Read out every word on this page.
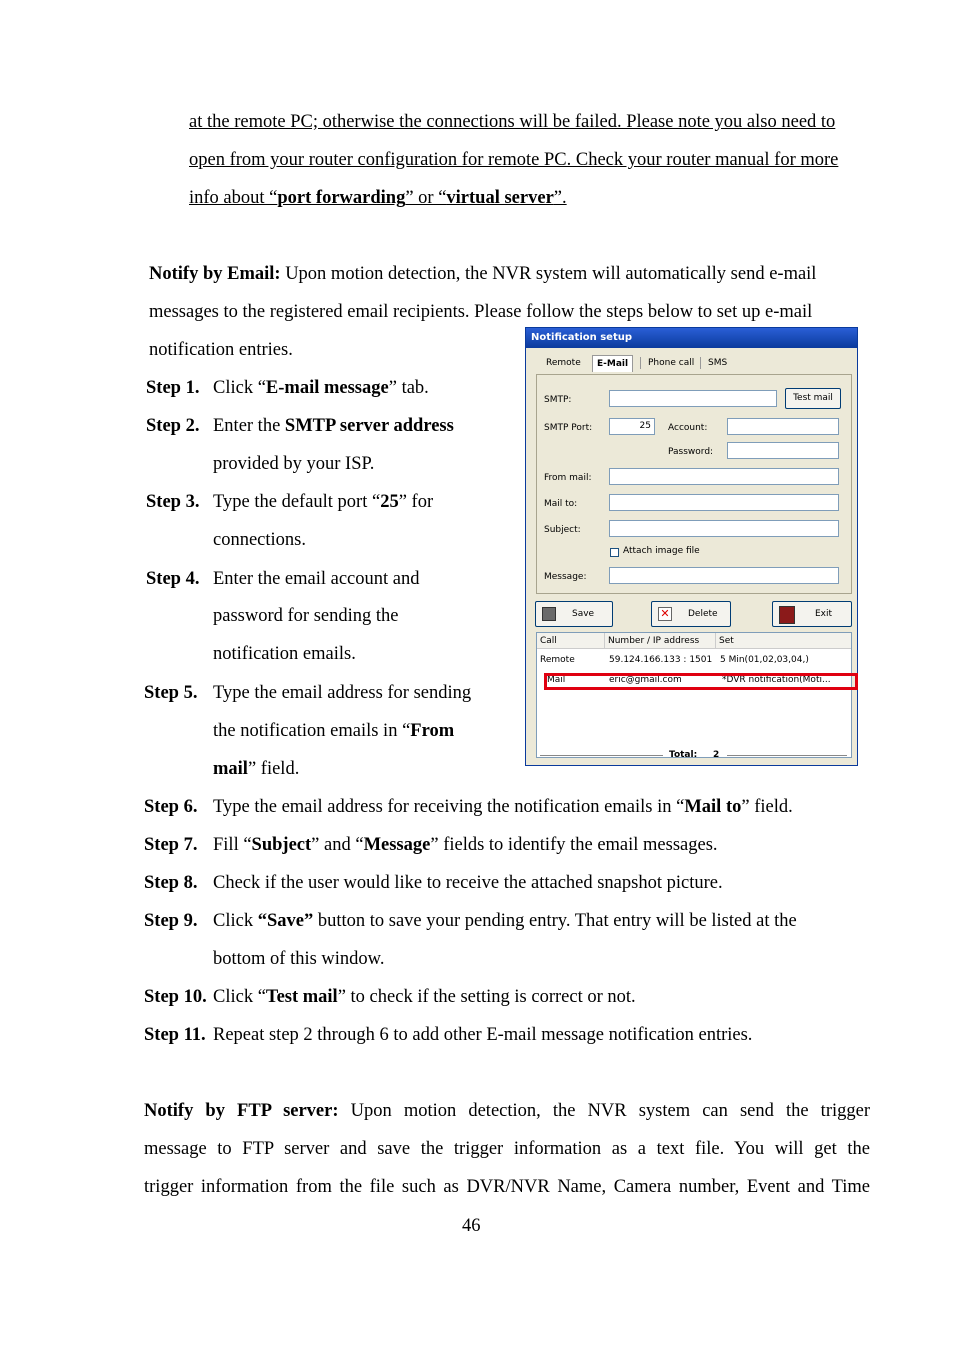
at the remote PC; otherwise the connections will be failed. Please note you also need to
open from your router configuration for remote PC. Check your router manual for more
info about “port forwarding” or “virtual server”.
Notify by Email: Upon motion detection, the NVR system will automatically send e-mail
messages to the registered email recipients. Please follow the steps below to set up e-mail
notification entries.
Step 1. Click “E-mail message” tab.
Step 2. Enter the SMTP server address
provided by your ISP.
Step 3. Type the default port “25” for
connections.
Step 4. Enter the email account and
password for sending the
notification emails.
Step 5. Type the email address for sending
the notification emails in “From
mail” field.
Step 6. Type the email address for receiving the notification emails in “Mail to” field.
Step 7. Fill “Subject” and “Message” fields to identify the email messages.
Step 8. Check if the user would like to receive the attached snapshot picture.
Step 9. Click “Save” button to save your pending entry. That entry will be listed at the
bottom of this window.
Step 10. Click “Test mail” to check if the setting is correct or not.
Step 11. Repeat step 2 through 6 to add other E-mail message notification entries.
Notify by FTP server: Upon motion detection, the NVR system can send the trigger
message to FTP server and save the trigger information as a text file. You will get the
trigger information from the file such as DVR/NVR Name, Camera number, Event and Time
46
Notification setup
Remote	E-Mail	Phone call	SMS
SMTP:	Test mail
SMTP Port:	25	Account:
Password:
From mail:
Mail to:
Subject:
Attach image file
Message:
Save	✕ Delete	Exit
Call	Number / IP address	Set
Remote	59.124.166.133 : 1501 5 Min(01,02,03,04,)
Mail	eric@gmail.com	*DVR notification(Moti...
Total: 2
